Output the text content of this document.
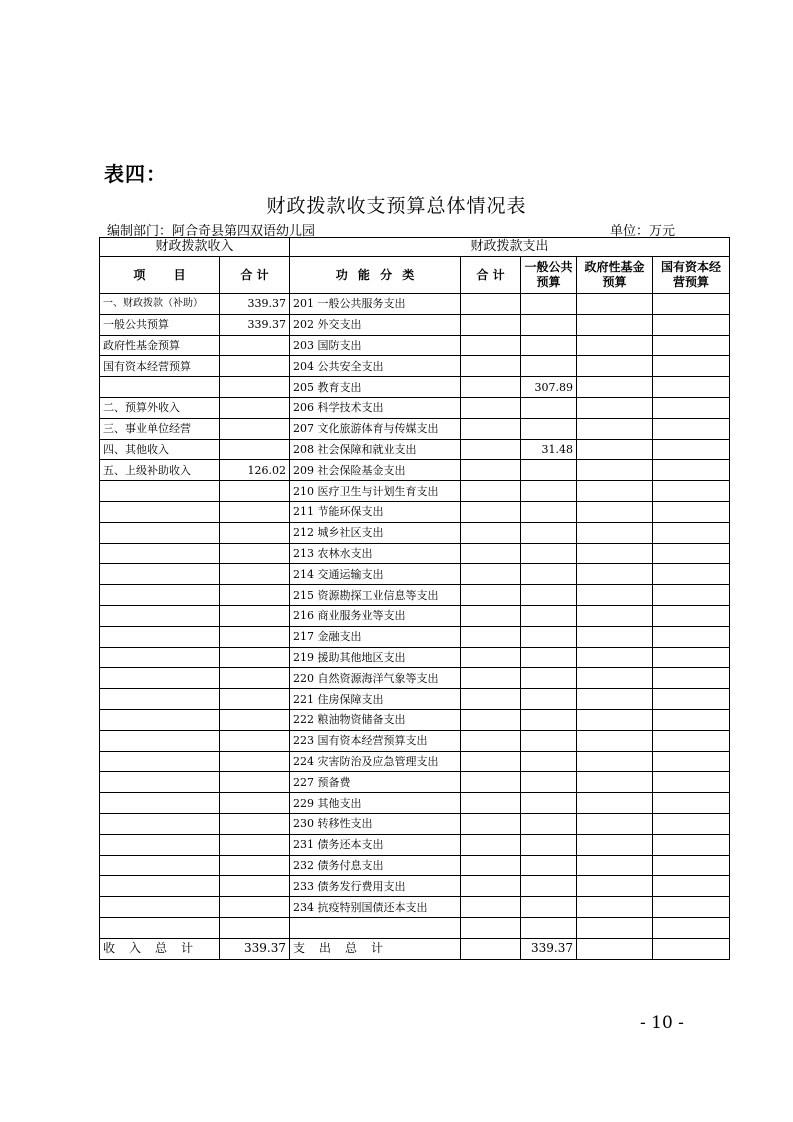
表四：
财政拨款收支预算总体情况表
编制部门：阿合奇县第四双语幼儿园	单位：万元
财政拨款收入		财政拨款支出				
项 目	合 计	功 能 分 类	合 计	一般公共预算	政府性基金预算	国有资本经营预算
一、财政拨款（补助）	339.37	201 一般公共服务支出				
一般公共预算	339.37	202 外交支出				
政府性基金预算		203 国防支出				
国有资本经营预算		204 公共安全支出				
		205 教育支出		307.89		
二、预算外收入		206 科学技术支出				
三、事业单位经营		207 文化旅游体育与传媒支出				
四、其他收入		208 社会保障和就业支出		31.48		
五、上级补助收入	126.02	209 社会保险基金支出				
		210 医疗卫生与计划生育支出				
		211 节能环保支出				
		212 城乡社区支出				
		213 农林水支出				
		214 交通运输支出				
		215 资源勘探工业信息等支出				
		216 商业服务业等支出				
		217 金融支出				
		219 援助其他地区支出				
		220 自然资源海洋气象等支出				
		221 住房保障支出				
		222 粮油物资储备支出				
		223 国有资本经营预算支出				
		224 灾害防治及应急管理支出				
		227 预备费				
		229 其他支出				
		230 转移性支出				
		231 债务还本支出				
		232 债务付息支出				
		233 债务发行费用支出				
		234 抗疫特别国债还本支出				

收入总计	339.37	支出总计		339.37		
- 10 -
